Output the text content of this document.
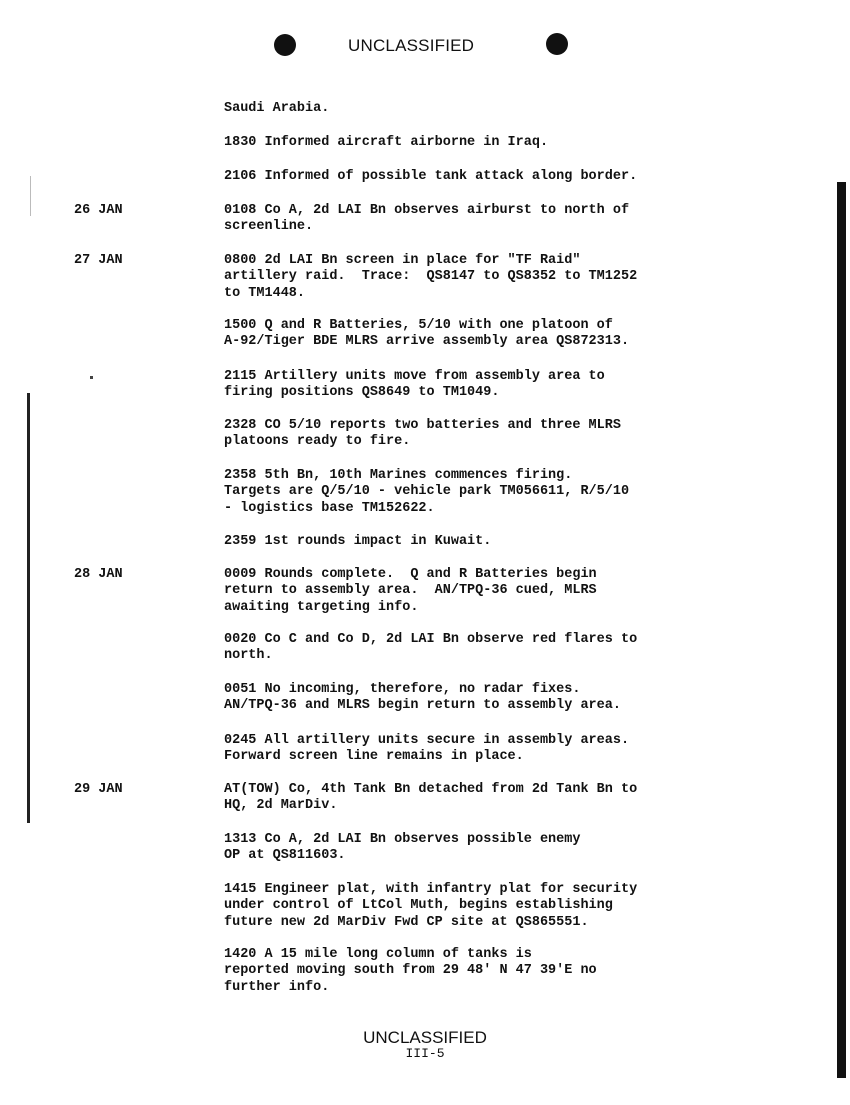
UNCLASSIFIED
26 JAN
27 JAN
28 JAN
29 JAN
Saudi Arabia.
1830 Informed aircraft airborne in Iraq.
2106 Informed of possible tank attack along border.
0108 Co A, 2d LAI Bn observes airburst to north of
screenline.
0800 2d LAI Bn screen in place for "TF Raid"
artillery raid.  Trace:  QS8147 to QS8352 to TM1252
to TM1448.
1500 Q and R Batteries, 5/10 with one platoon of
A-92/Tiger BDE MLRS arrive assembly area QS872313.
2115 Artillery units move from assembly area to
firing positions QS8649 to TM1049.
2328 CO 5/10 reports two batteries and three MLRS
platoons ready to fire.
2358 5th Bn, 10th Marines commences firing.
Targets are Q/5/10 - vehicle park TM056611, R/5/10
- logistics base TM152622.
2359 1st rounds impact in Kuwait.
0009 Rounds complete.  Q and R Batteries begin
return to assembly area.  AN/TPQ-36 cued, MLRS
awaiting targeting info.
0020 Co C and Co D, 2d LAI Bn observe red flares to
north.
0051 No incoming, therefore, no radar fixes.
AN/TPQ-36 and MLRS begin return to assembly area.
0245 All artillery units secure in assembly areas.
Forward screen line remains in place.
AT(TOW) Co, 4th Tank Bn detached from 2d Tank Bn to
HQ, 2d MarDiv.
1313 Co A, 2d LAI Bn observes possible enemy
OP at QS811603.
1415 Engineer plat, with infantry plat for security
under control of LtCol Muth, begins establishing
future new 2d MarDiv Fwd CP site at QS865551.
1420 A 15 mile long column of tanks is
reported moving south from 29 48' N 47 39'E no
further info.
UNCLASSIFIED
III-5
